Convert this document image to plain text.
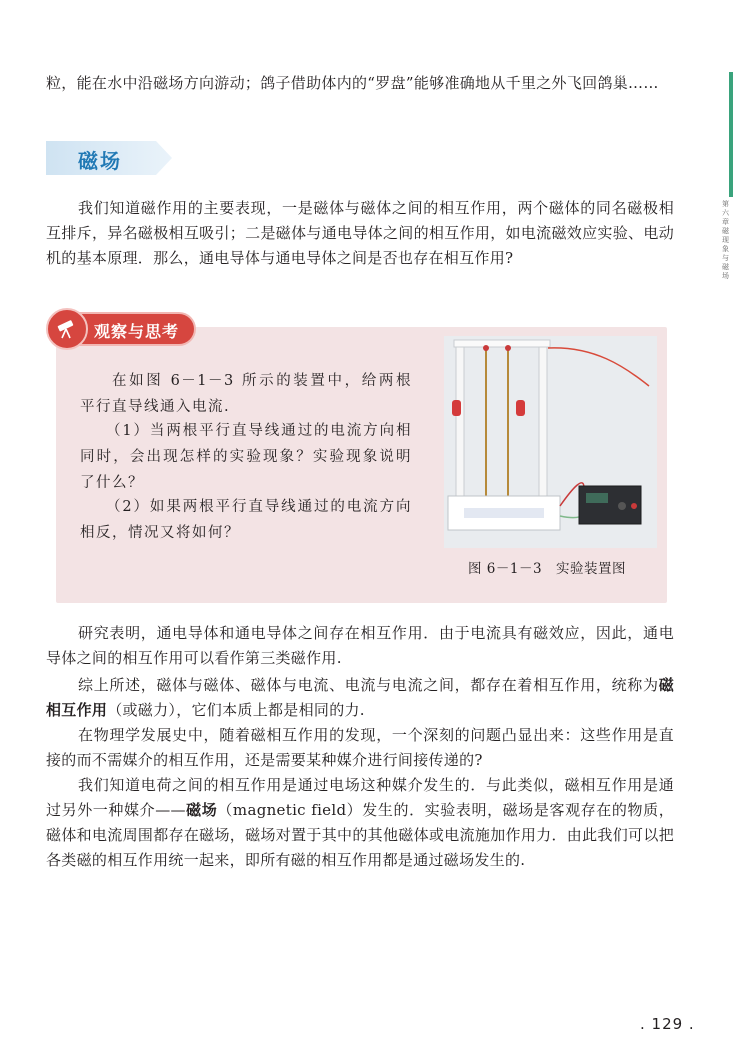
第六章 磁现象与磁场

粒，能在水中沿磁场方向游动；鸽子借助体内的“罗盘”能够准确地从千里之外飞回鸽巢……

磁场

我们知道磁作用的主要表现，一是磁体与磁体之间的相互作用，两个磁体的同名磁极相互排斥，异名磁极相互吸引；二是磁体与通电导体之间的相互作用，如电流磁效应实验、电动机的基本原理．那么，通电导体与通电导体之间是否也存在相互作用?

观察与思考

在如图 6－1－3 所示的装置中，给两根平行直导线通入电流.

（1）当两根平行直导线通过的电流方向相同时，会出现怎样的实验现象？实验现象说明了什么？

（2）如果两根平行直导线通过的电流方向相反，情况又将如何？

图 6－1－3　实验装置图

研究表明，通电导体和通电导体之间存在相互作用．由于电流具有磁效应，因此，通电导体之间的相互作用可以看作第三类磁作用.

综上所述，磁体与磁体、磁体与电流、电流与电流之间，都存在着相互作用，统称为磁相互作用（或磁力），它们本质上都是相同的力.

在物理学发展史中，随着磁相互作用的发现，一个深刻的问题凸显出来：这些作用是直接的而不需媒介的相互作用，还是需要某种媒介进行间接传递的?

我们知道电荷之间的相互作用是通过电场这种媒介发生的．与此类似，磁相互作用是通过另外一种媒介——磁场（magnetic field）发生的．实验表明，磁场是客观存在的物质，磁体和电流周围都存在磁场，磁场对置于其中的其他磁体或电流施加作用力．由此我们可以把各类磁的相互作用统一起来，即所有磁的相互作用都是通过磁场发生的.

. 129 .
